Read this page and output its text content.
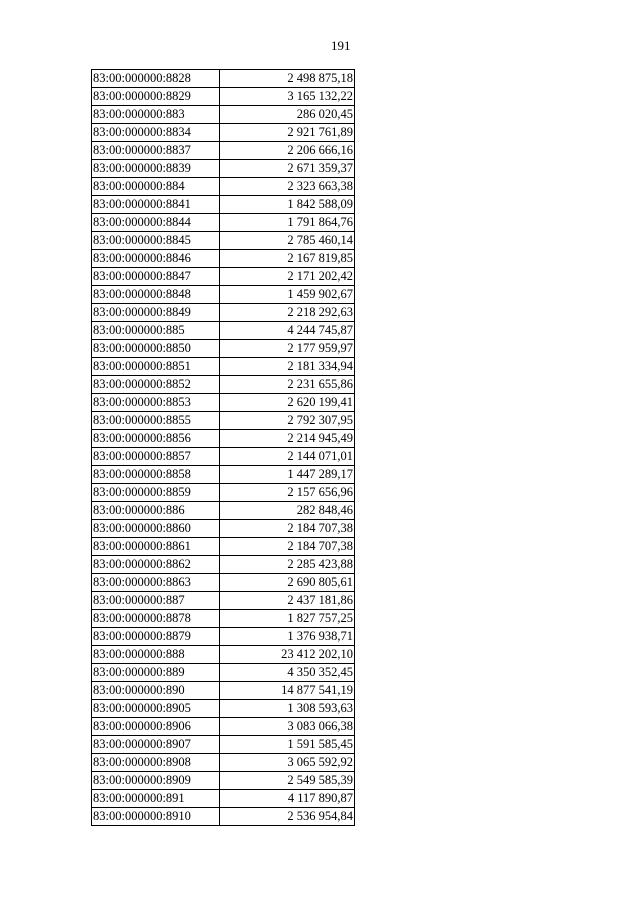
191
83:00:000000:8828	2 498 875,18
83:00:000000:8829	3 165 132,22
83:00:000000:883	286 020,45
83:00:000000:8834	2 921 761,89
83:00:000000:8837	2 206 666,16
83:00:000000:8839	2 671 359,37
83:00:000000:884	2 323 663,38
83:00:000000:8841	1 842 588,09
83:00:000000:8844	1 791 864,76
83:00:000000:8845	2 785 460,14
83:00:000000:8846	2 167 819,85
83:00:000000:8847	2 171 202,42
83:00:000000:8848	1 459 902,67
83:00:000000:8849	2 218 292,63
83:00:000000:885	4 244 745,87
83:00:000000:8850	2 177 959,97
83:00:000000:8851	2 181 334,94
83:00:000000:8852	2 231 655,86
83:00:000000:8853	2 620 199,41
83:00:000000:8855	2 792 307,95
83:00:000000:8856	2 214 945,49
83:00:000000:8857	2 144 071,01
83:00:000000:8858	1 447 289,17
83:00:000000:8859	2 157 656,96
83:00:000000:886	282 848,46
83:00:000000:8860	2 184 707,38
83:00:000000:8861	2 184 707,38
83:00:000000:8862	2 285 423,88
83:00:000000:8863	2 690 805,61
83:00:000000:887	2 437 181,86
83:00:000000:8878	1 827 757,25
83:00:000000:8879	1 376 938,71
83:00:000000:888	23 412 202,10
83:00:000000:889	4 350 352,45
83:00:000000:890	14 877 541,19
83:00:000000:8905	1 308 593,63
83:00:000000:8906	3 083 066,38
83:00:000000:8907	1 591 585,45
83:00:000000:8908	3 065 592,92
83:00:000000:8909	2 549 585,39
83:00:000000:891	4 117 890,87
83:00:000000:8910	2 536 954,84
